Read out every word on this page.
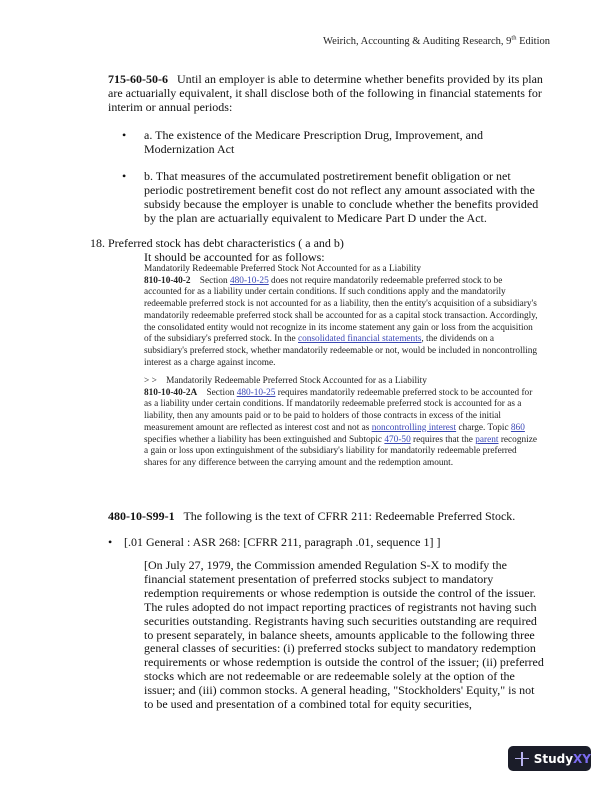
Weirich, Accounting & Auditing Research, 9th Edition
715-60-50-6 Until an employer is able to determine whether benefits provided by its plan are actuarially equivalent, it shall disclose both of the following in financial statements for interim or annual periods:
• a. The existence of the Medicare Prescription Drug, Improvement, and Modernization Act
• b. That measures of the accumulated postretirement benefit obligation or net periodic postretirement benefit cost do not reflect any amount associated with the subsidy because the employer is unable to conclude whether the benefits provided by the plan are actuarially equivalent to Medicare Part D under the Act.
18. Preferred stock has debt characteristics ( a and b)
It should be accounted for as follows:
Mandatorily Redeemable Preferred Stock Not Accounted for as a Liability
810-10-40-2 Section 480-10-25 does not require mandatorily redeemable preferred stock to be accounted for as a liability under certain conditions. If such conditions apply and the mandatorily redeemable preferred stock is not accounted for as a liability, then the entity's acquisition of a subsidiary's mandatorily redeemable preferred stock shall be accounted for as a capital stock transaction. Accordingly, the consolidated entity would not recognize in its income statement any gain or loss from the acquisition of the subsidiary's preferred stock. In the consolidated financial statements, the dividends on a subsidiary's preferred stock, whether mandatorily redeemable or not, would be included in noncontrolling interest as a charge against income.
> > Mandatorily Redeemable Preferred Stock Accounted for as a Liability
810-10-40-2A Section 480-10-25 requires mandatorily redeemable preferred stock to be accounted for as a liability under certain conditions. If mandatorily redeemable preferred stock is accounted for as a liability, then any amounts paid or to be paid to holders of those contracts in excess of the initial measurement amount are reflected as interest cost and not as noncontrolling interest charge. Topic 860 specifies whether a liability has been extinguished and Subtopic 470-50 requires that the parent recognize a gain or loss upon extinguishment of the subsidiary's liability for mandatorily redeemable preferred shares for any difference between the carrying amount and the redemption amount.
480-10-S99-1 The following is the text of CFRR 211: Redeemable Preferred Stock.
• [.01 General : ASR 268: [CFRR 211, paragraph .01, sequence 1] ]
[On July 27, 1979, the Commission amended Regulation S-X to modify the financial statement presentation of preferred stocks subject to mandatory redemption requirements or whose redemption is outside the control of the issuer. The rules adopted do not impact reporting practices of registrants not having such securities outstanding. Registrants having such securities outstanding are required to present separately, in balance sheets, amounts applicable to the following three general classes of securities: (i) preferred stocks subject to mandatory redemption requirements or whose redemption is outside the control of the issuer; (ii) preferred stocks which are not redeemable or are redeemable solely at the option of the issuer; and (iii) common stocks. A general heading, "Stockholders' Equity," is not to be used and presentation of a combined total for equity securities,
Study XY
